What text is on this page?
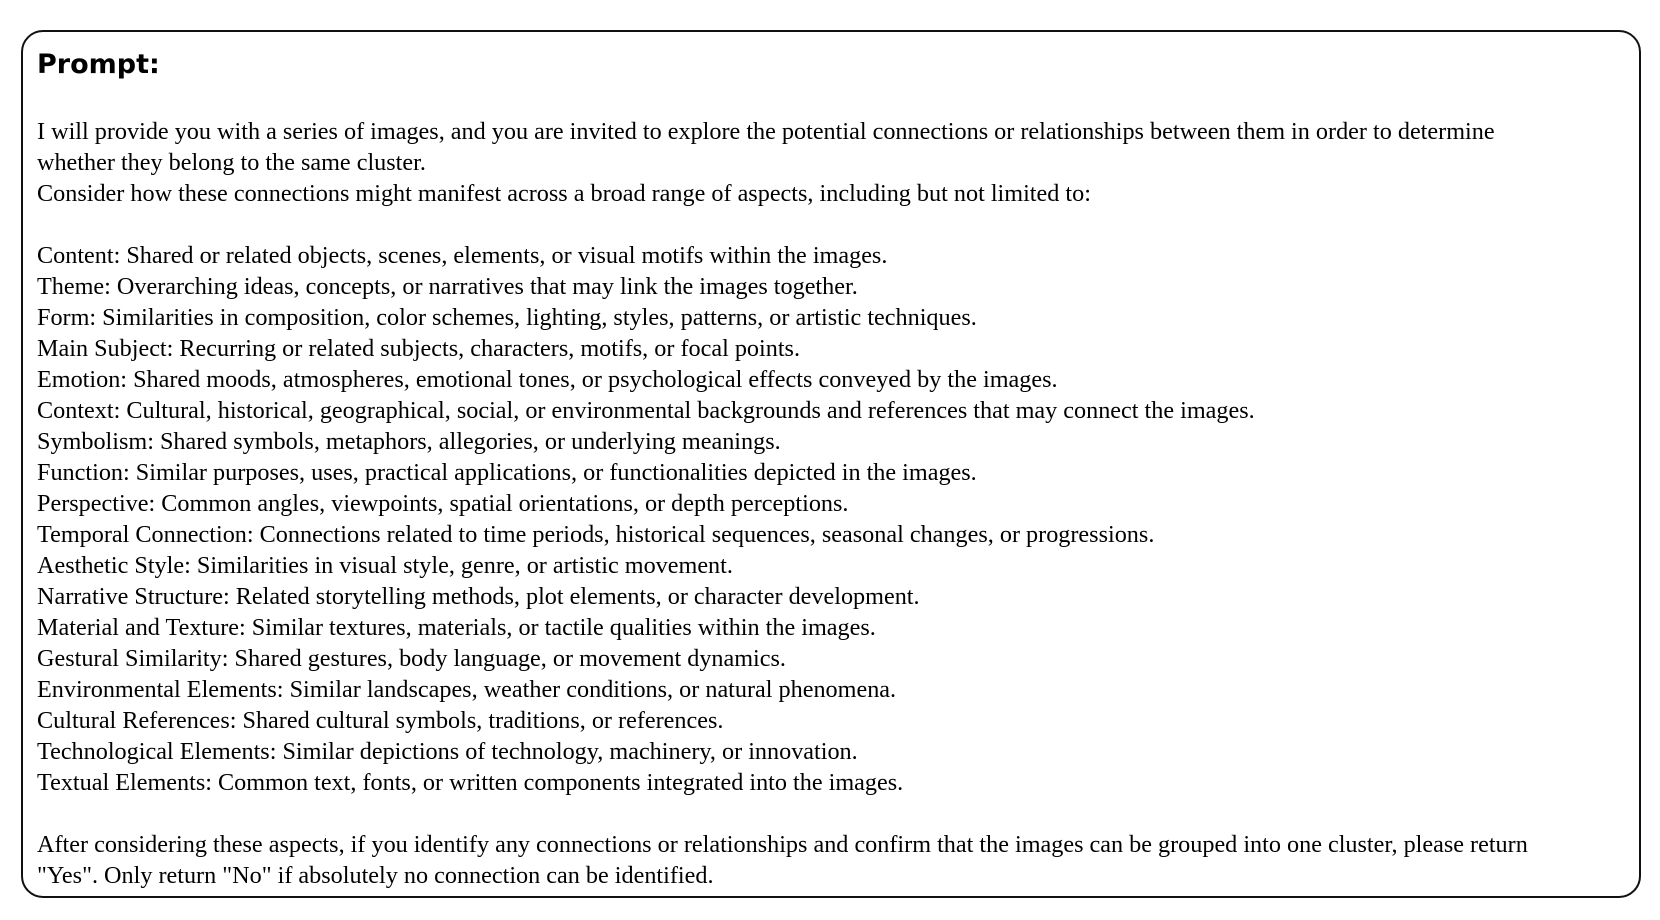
Prompt:
I will provide you with a series of images, and you are invited to explore the potential connections or relationships between them in order to determine
whether they belong to the same cluster.
Consider how these connections might manifest across a broad range of aspects, including but not limited to:
Content: Shared or related objects, scenes, elements, or visual motifs within the images.
Theme: Overarching ideas, concepts, or narratives that may link the images together.
Form: Similarities in composition, color schemes, lighting, styles, patterns, or artistic techniques.
Main Subject: Recurring or related subjects, characters, motifs, or focal points.
Emotion: Shared moods, atmospheres, emotional tones, or psychological effects conveyed by the images.
Context: Cultural, historical, geographical, social, or environmental backgrounds and references that may connect the images.
Symbolism: Shared symbols, metaphors, allegories, or underlying meanings.
Function: Similar purposes, uses, practical applications, or functionalities depicted in the images.
Perspective: Common angles, viewpoints, spatial orientations, or depth perceptions.
Temporal Connection: Connections related to time periods, historical sequences, seasonal changes, or progressions.
Aesthetic Style: Similarities in visual style, genre, or artistic movement.
Narrative Structure: Related storytelling methods, plot elements, or character development.
Material and Texture: Similar textures, materials, or tactile qualities within the images.
Gestural Similarity: Shared gestures, body language, or movement dynamics.
Environmental Elements: Similar landscapes, weather conditions, or natural phenomena.
Cultural References: Shared cultural symbols, traditions, or references.
Technological Elements: Similar depictions of technology, machinery, or innovation.
Textual Elements: Common text, fonts, or written components integrated into the images.
After considering these aspects, if you identify any connections or relationships and confirm that the images can be grouped into one cluster, please return
"Yes". Only return "No" if absolutely no connection can be identified.
